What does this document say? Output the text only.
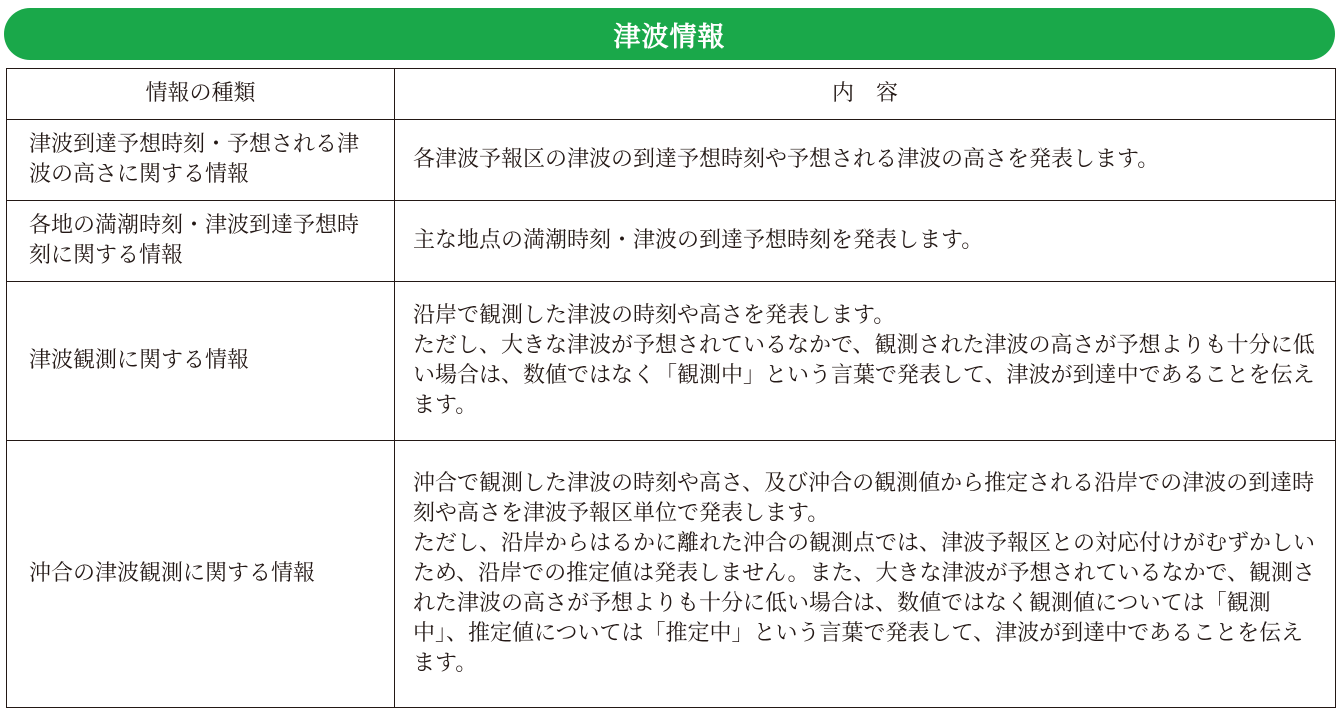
津波情報
情報の種類	内　容
津波到達予想時刻・予想される津波の高さに関する情報	各津波予報区の津波の到達予想時刻や予想される津波の高さを発表します。

各地の満潮時刻・津波到達予想時刻に関する情報	主な地点の満潮時刻・津波の到達予想時刻を発表します。

津波観測に関する情報	沿岸で観測した津波の時刻や高さを発表します。
ただし、大きな津波が予想されているなかで、観測された津波の高さが予想よりも十分に低い場合は、数値ではなく「観測中」という言葉で発表して、津波が到達中であることを伝えます。

沖合の津波観測に関する情報	沖合で観測した津波の時刻や高さ、及び沖合の観測値から推定される沿岸での津波の到達時刻や高さを津波予報区単位で発表します。
ただし、沿岸からはるかに離れた沖合の観測点では、津波予報区との対応付けがむずかしいため、沿岸での推定値は発表しません。また、大きな津波が予想されているなかで、観測された津波の高さが予想よりも十分に低い場合は、数値ではなく観測値については「観測中」、推定値については「推定中」という言葉で発表して、津波が到達中であることを伝えます。
